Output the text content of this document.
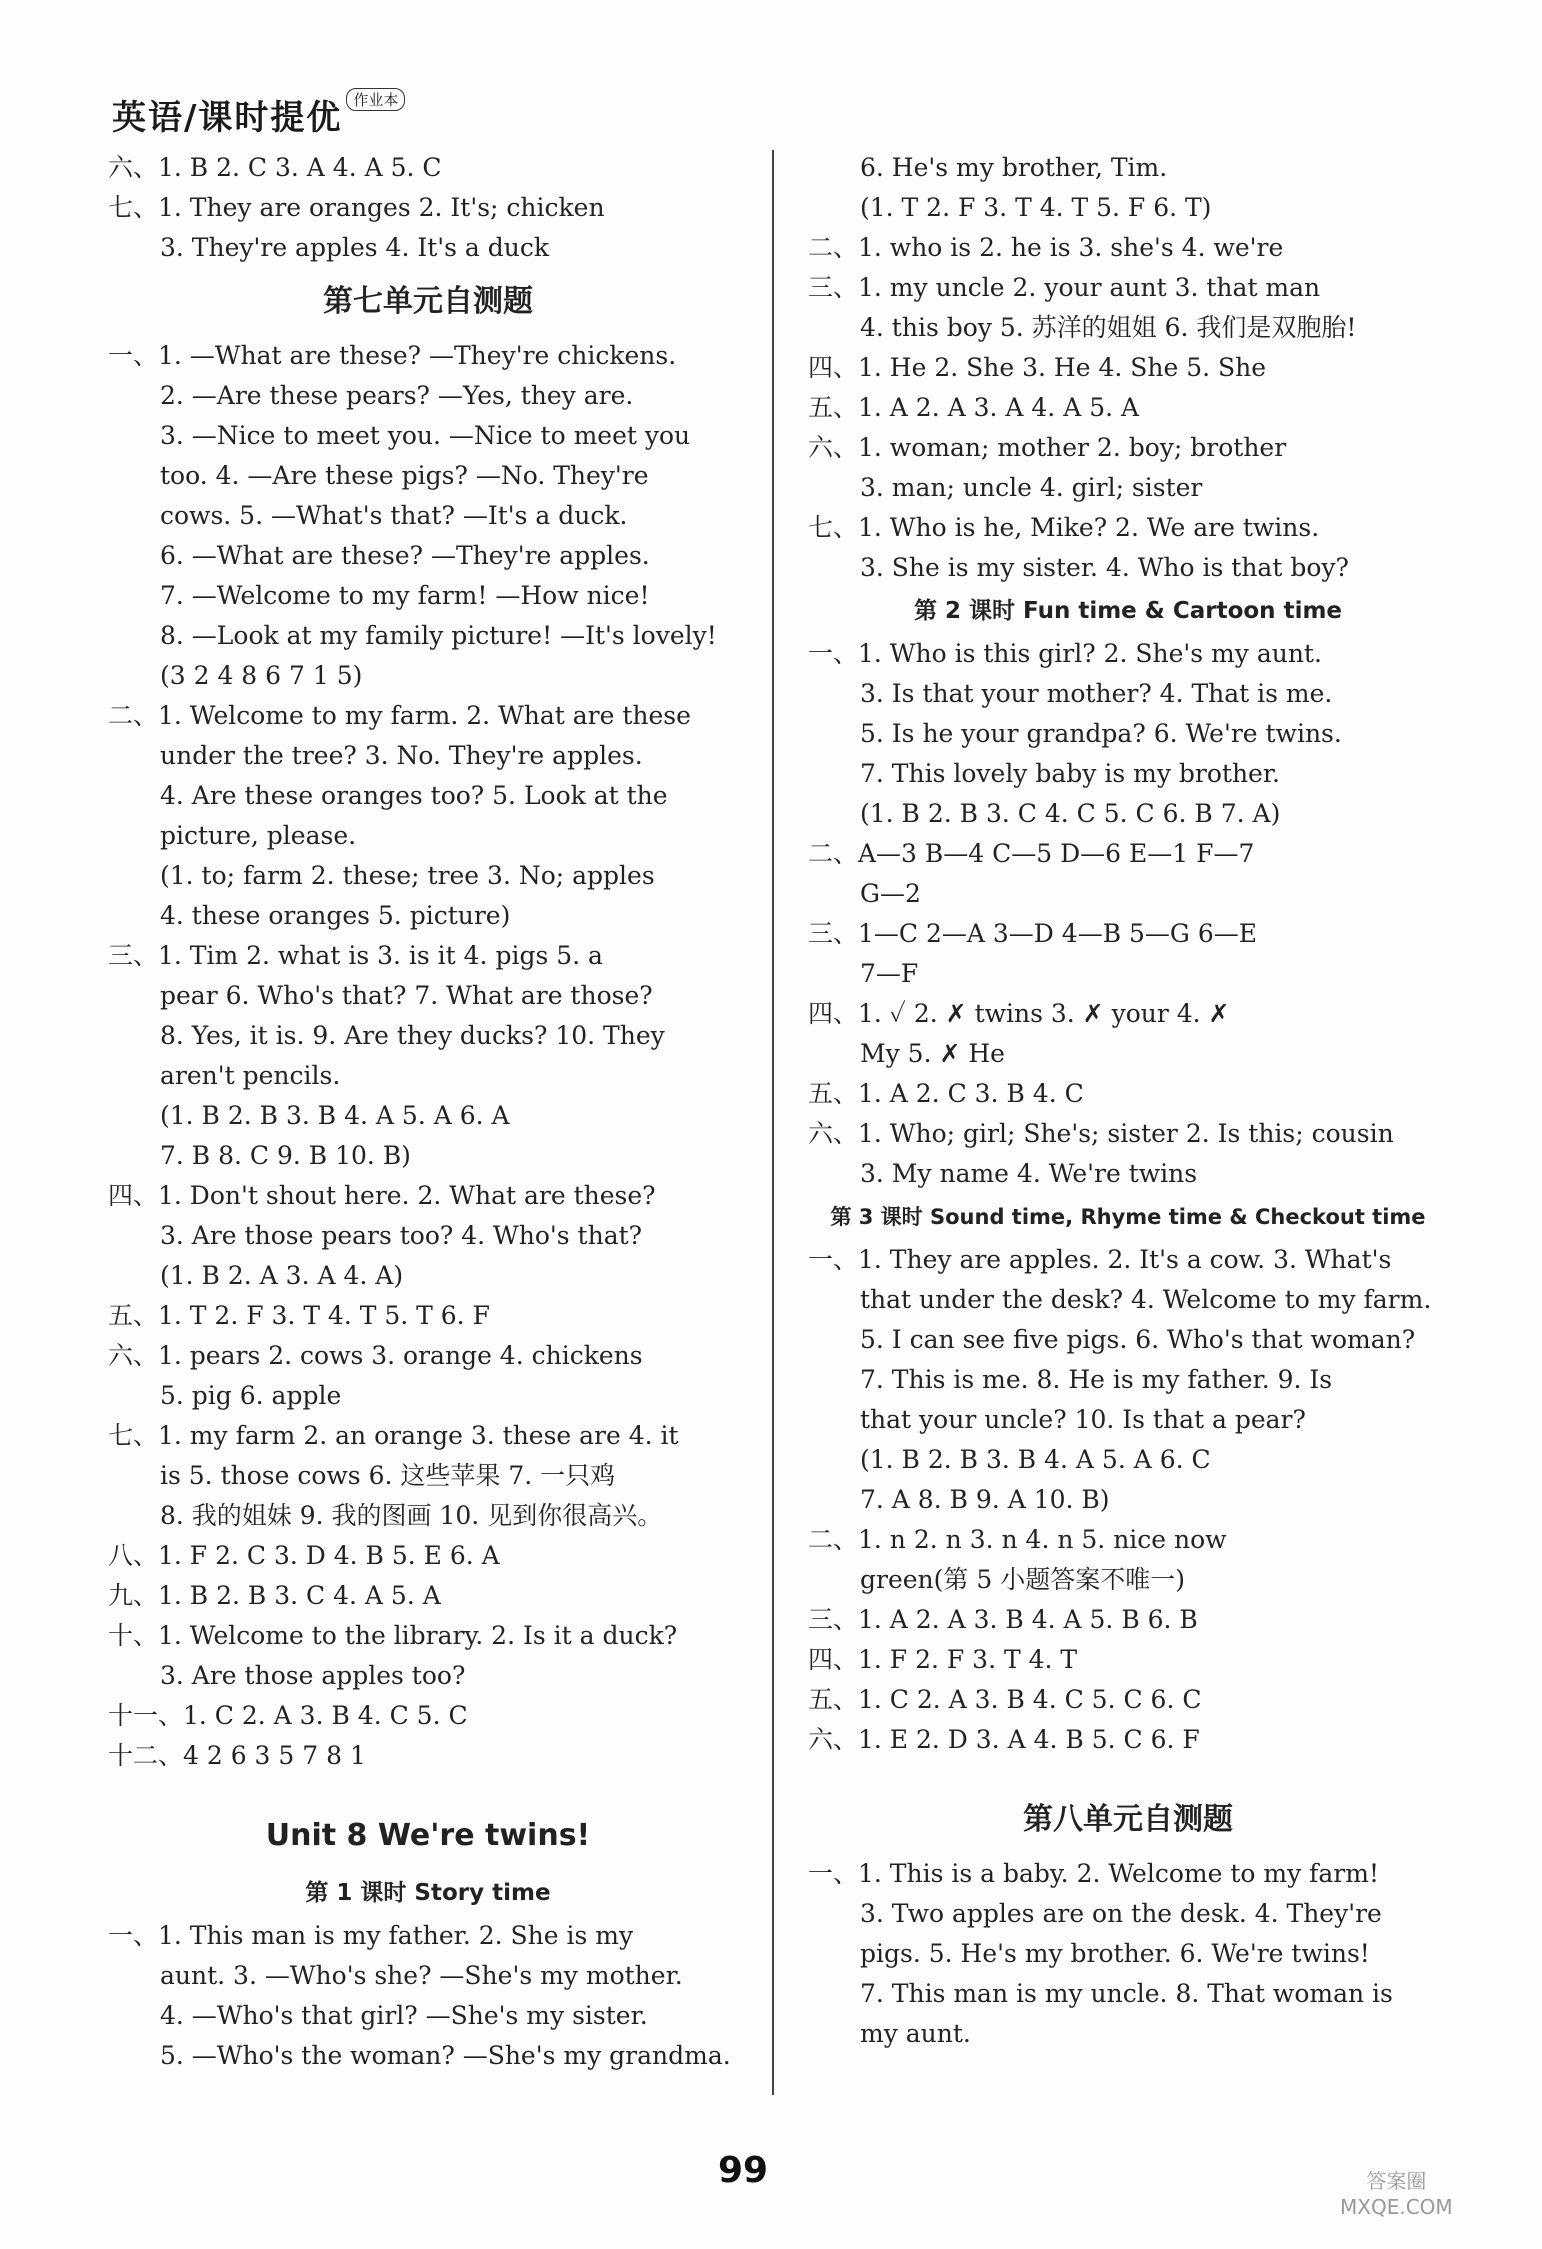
英语/课时提优 作业本
六、1. B 2. C 3. A 4. A 5. C
七、1. They are oranges 2. It's; chicken
3. They're apples 4. It's a duck
第七单元自测题
一、1. —What are these? —They're chickens.
2. —Are these pears? —Yes, they are.
3. —Nice to meet you. —Nice to meet you
too. 4. —Are these pigs? —No. They're
cows. 5. —What's that? —It's a duck.
6. —What are these? —They're apples.
7. —Welcome to my farm! —How nice!
8. —Look at my family picture! —It's lovely!
(3 2 4 8 6 7 1 5)
二、1. Welcome to my farm. 2. What are these
under the tree? 3. No. They're apples.
4. Are these oranges too? 5. Look at the
picture, please.
(1. to; farm 2. these; tree 3. No; apples
4. these oranges 5. picture)
三、1. Tim 2. what is 3. is it 4. pigs 5. a
pear 6. Who's that? 7. What are those?
8. Yes, it is. 9. Are they ducks? 10. They
aren't pencils.
(1. B 2. B 3. B 4. A 5. A 6. A
7. B 8. C 9. B 10. B)
四、1. Don't shout here. 2. What are these?
3. Are those pears too? 4. Who's that?
(1. B 2. A 3. A 4. A)
五、1. T 2. F 3. T 4. T 5. T 6. F
六、1. pears 2. cows 3. orange 4. chickens
5. pig 6. apple
七、1. my farm 2. an orange 3. these are 4. it
is 5. those cows 6. 这些苹果 7. 一只鸡
8. 我的姐妹 9. 我的图画 10. 见到你很高兴。
八、1. F 2. C 3. D 4. B 5. E 6. A
九、1. B 2. B 3. C 4. A 5. A
十、1. Welcome to the library. 2. Is it a duck?
3. Are those apples too?
十一、1. C 2. A 3. B 4. C 5. C
十二、4 2 6 3 5 7 8 1
Unit 8 We're twins!
第 1 课时 Story time
一、1. This man is my father. 2. She is my
aunt. 3. —Who's she? —She's my mother.
4. —Who's that girl? —She's my sister.
5. —Who's the woman? —She's my grandma.
6. He's my brother, Tim.
(1. T 2. F 3. T 4. T 5. F 6. T)
二、1. who is 2. he is 3. she's 4. we're
三、1. my uncle 2. your aunt 3. that man
4. this boy 5. 苏洋的姐姐 6. 我们是双胞胎!
四、1. He 2. She 3. He 4. She 5. She
五、1. A 2. A 3. A 4. A 5. A
六、1. woman; mother 2. boy; brother
3. man; uncle 4. girl; sister
七、1. Who is he, Mike? 2. We are twins.
3. She is my sister. 4. Who is that boy?
第 2 课时 Fun time & Cartoon time
一、1. Who is this girl? 2. She's my aunt.
3. Is that your mother? 4. That is me.
5. Is he your grandpa? 6. We're twins.
7. This lovely baby is my brother.
(1. B 2. B 3. C 4. C 5. C 6. B 7. A)
二、A—3 B—4 C—5 D—6 E—1 F—7
G—2
三、1—C 2—A 3—D 4—B 5—G 6—E
7—F
四、1. ✓ 2. ✗ twins 3. ✗ your 4. ✗
My 5. ✗ He
五、1. A 2. C 3. B 4. C
六、1. Who; girl; She's; sister 2. Is this; cousin
3. My name 4. We're twins
第 3 课时 Sound time, Rhyme time & Checkout time
一、1. They are apples. 2. It's a cow. 3. What's
that under the desk? 4. Welcome to my farm.
5. I can see five pigs. 6. Who's that woman?
7. This is me. 8. He is my father. 9. Is
that your uncle? 10. Is that a pear?
(1. B 2. B 3. B 4. A 5. A 6. C
7. A 8. B 9. A 10. B)
二、1. n 2. n 3. n 4. n 5. nice now
green(第 5 小题答案不唯一)
三、1. A 2. A 3. B 4. A 5. B 6. B
四、1. F 2. F 3. T 4. T
五、1. C 2. A 3. B 4. C 5. C 6. C
六、1. E 2. D 3. A 4. B 5. C 6. F
第八单元自测题
一、1. This is a baby. 2. Welcome to my farm!
3. Two apples are on the desk. 4. They're
pigs. 5. He's my brother. 6. We're twins!
7. This man is my uncle. 8. That woman is
my aunt.
99	答案圈
MXQE.COM
